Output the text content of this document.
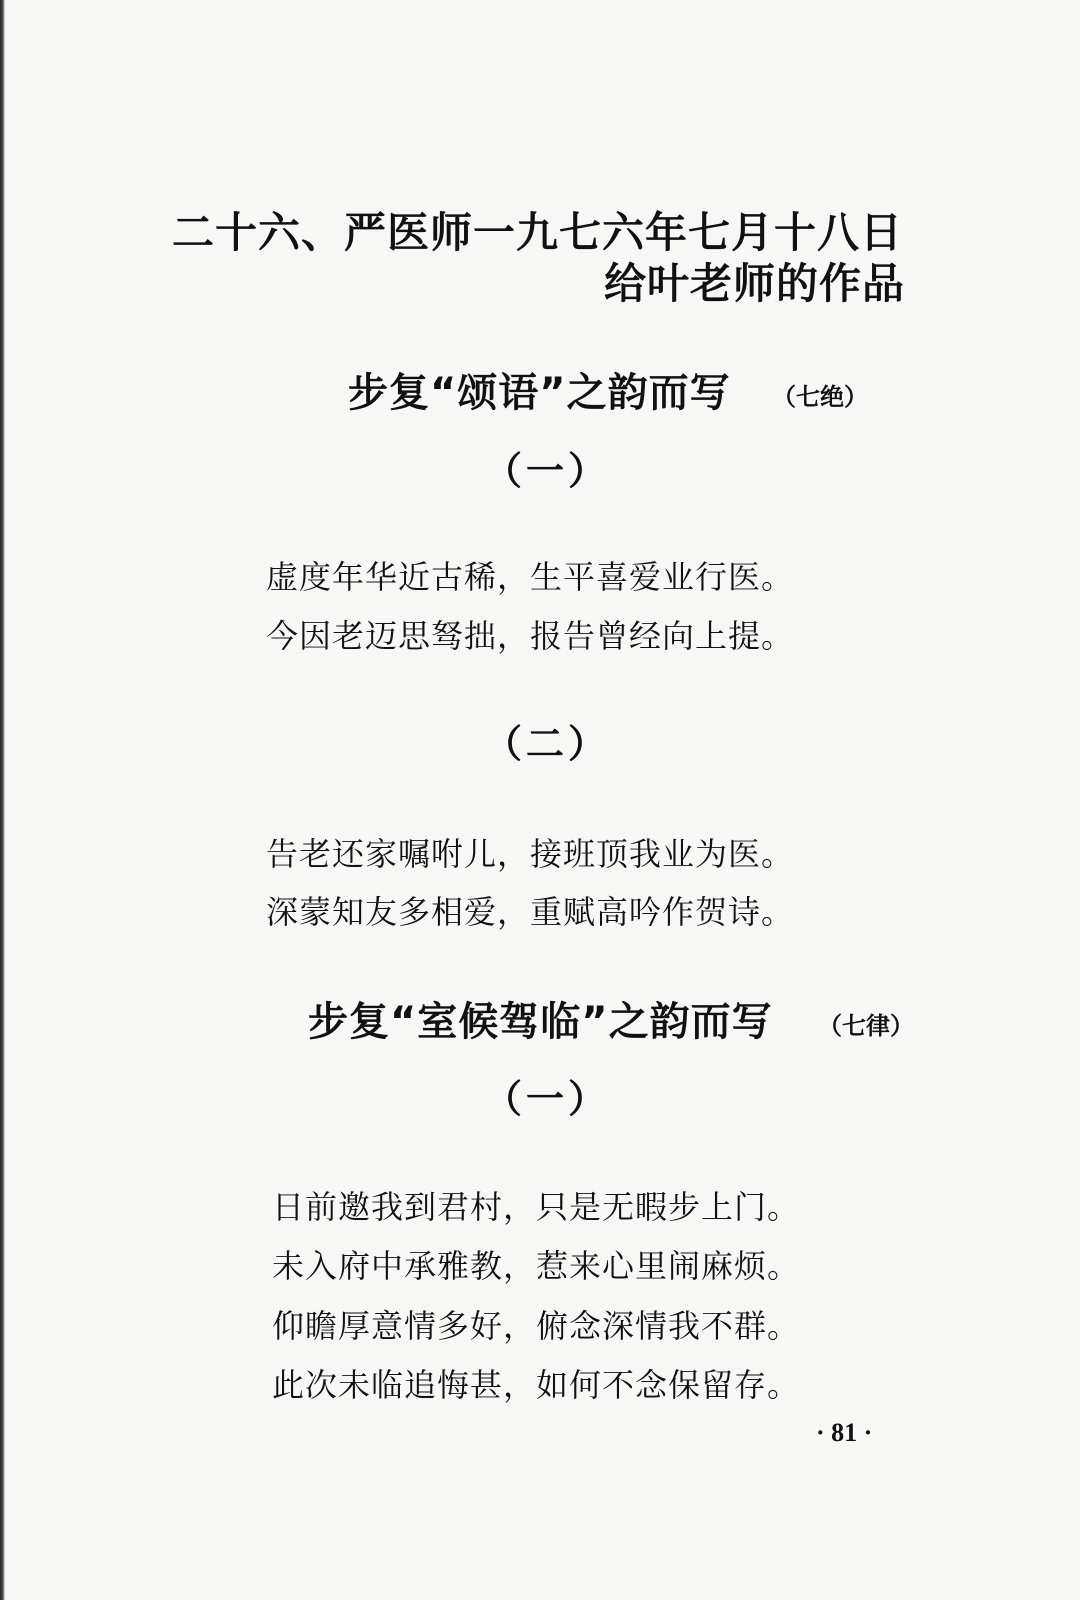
二十六、严医师一九七六年七月十八日
给叶老师的作品
步复“颂语”之韵而写 （七绝）
（一）
虚度年华近古稀，生平喜爱业行医。
今因老迈思驽拙，报告曾经向上提。
（二）
告老还家嘱咐儿，接班顶我业为医。
深蒙知友多相爱，重赋高吟作贺诗。
步复“室候驾临”之韵而写 （七律）
（一）
日前邀我到君村，只是无暇步上门。
未入府中承雅教，惹来心里闹麻烦。
仰瞻厚意情多好，俯念深情我不群。
此次未临追悔甚，如何不念保留存。
· 81 ·
